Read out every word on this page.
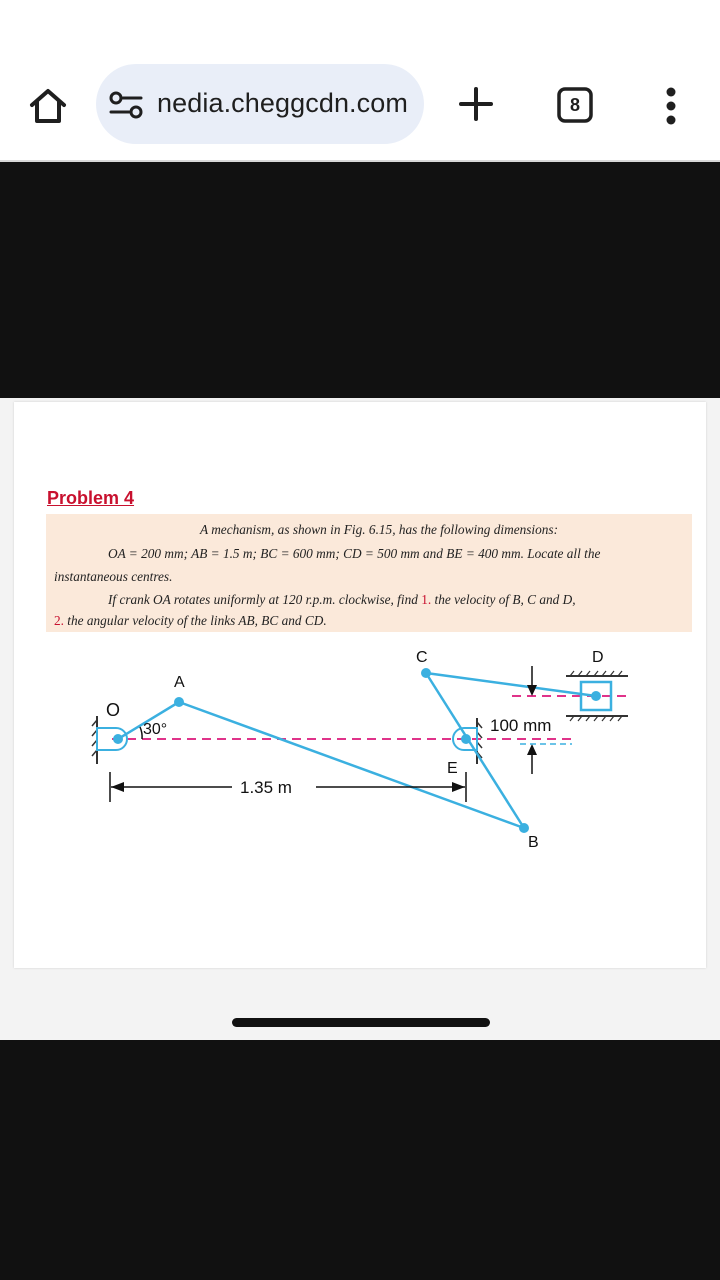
nedia.cheggcdn.com	8
Problem 4
A mechanism, as shown in Fig. 6.15, has the following dimensions:
OA = 200 mm; AB = 1.5 m; BC = 600 mm; CD = 500 mm and BE = 400 mm. Locate all the
instantaneous centres.
If crank OA rotates uniformly at 120 r.p.m. clockwise, find 1. the velocity of B, C and D,
2. the angular velocity of the links AB, BC and CD.
O
A
30°
C	D
E
B
1.35 m
100 mm
